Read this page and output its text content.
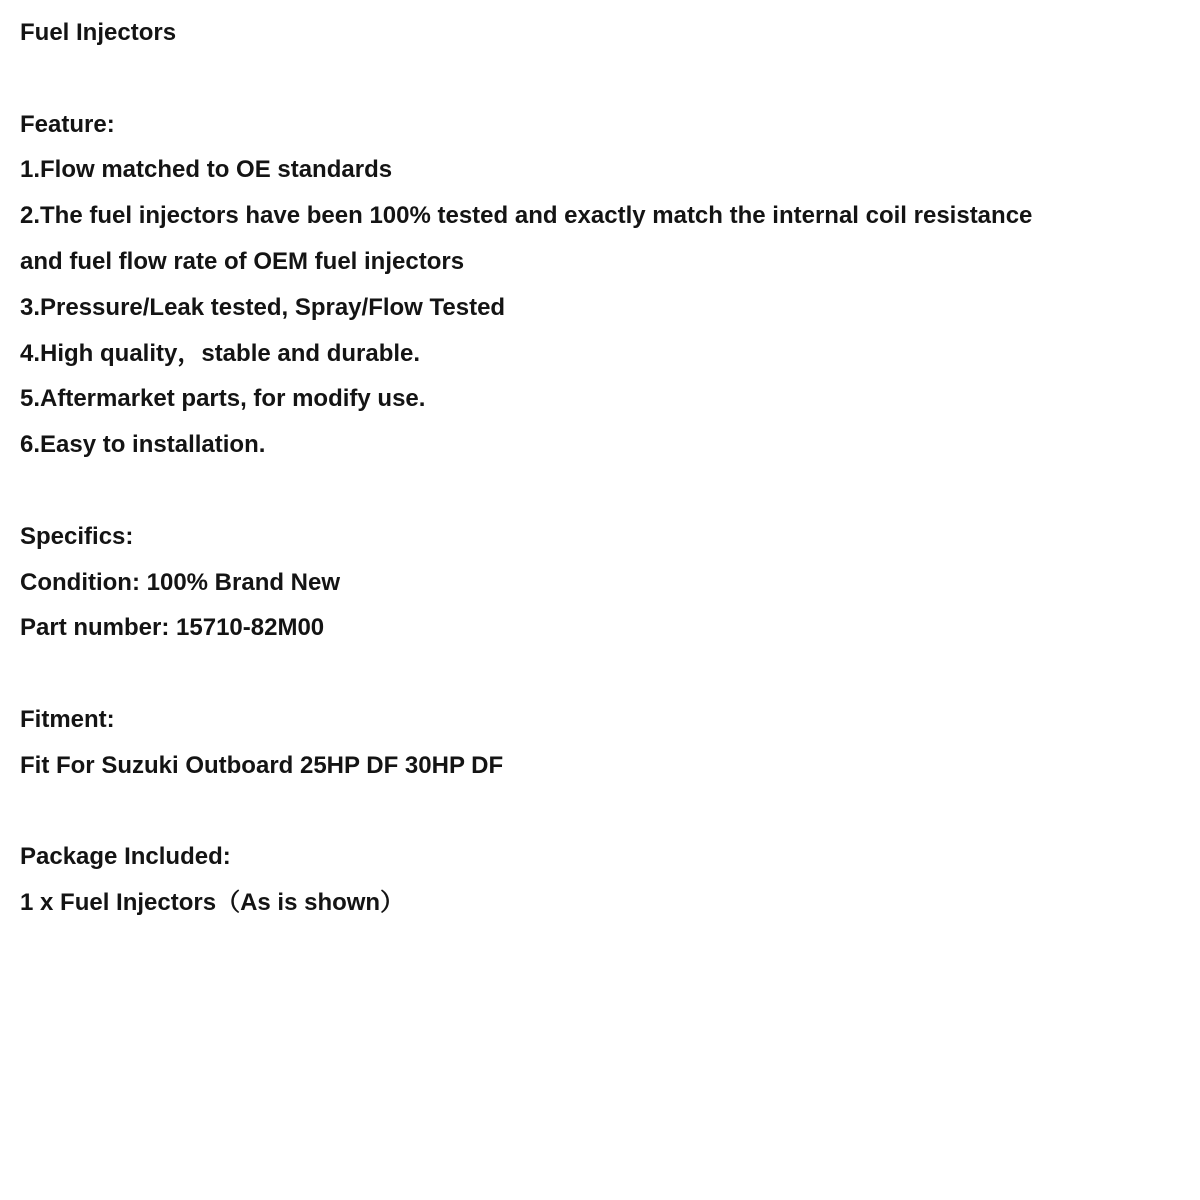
Fuel Injectors
Feature:
1.Flow matched to OE standards
2.The fuel injectors have been 100% tested and exactly match the internal coil resistance
and fuel flow rate of OEM fuel injectors
3.Pressure/Leak tested, Spray/Flow Tested
4.High quality，stable and durable.
5.Aftermarket parts, for modify use.
6.Easy to installation.
Specifics:
Condition: 100% Brand New
Part number: 15710-82M00
Fitment:
Fit For Suzuki Outboard 25HP DF 30HP DF
Package Included:
1 x Fuel Injectors（As is shown）
